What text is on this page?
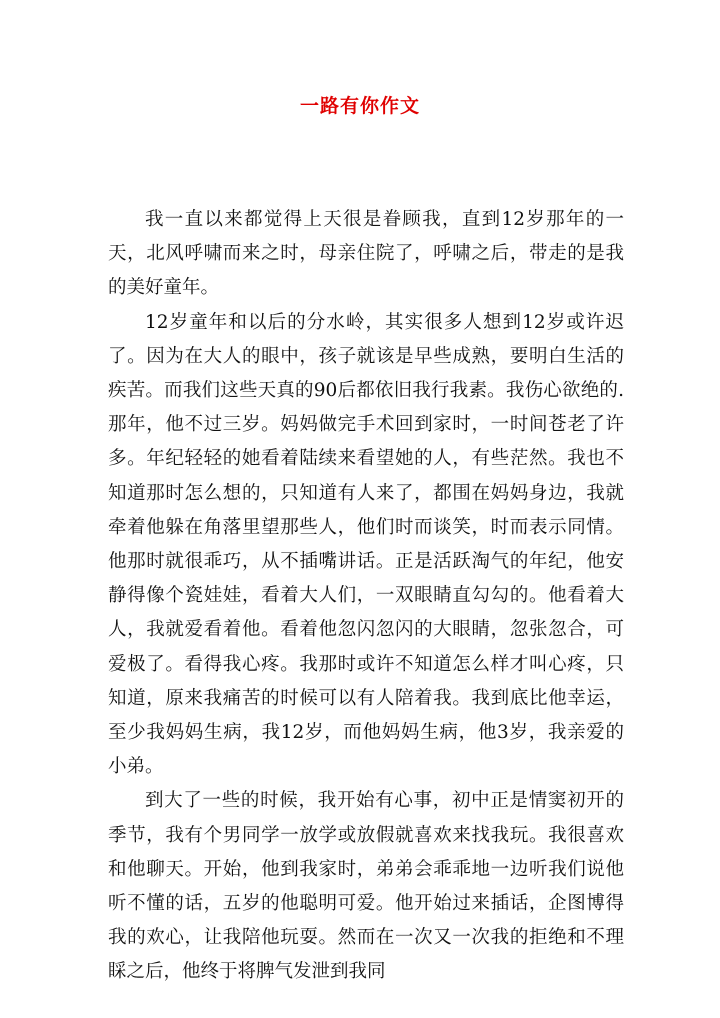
一路有你作文

我一直以来都觉得上天很是眷顾我，直到12岁那年的一天，北风呼啸而来之时，母亲住院了，呼啸之后，带走的是我的美好童年。

12岁童年和以后的分水岭，其实很多人想到12岁或许迟了。因为在大人的眼中，孩子就该是早些成熟，要明白生活的疾苦。而我们这些天真的90后都依旧我行我素。我伤心欲绝的.那年，他不过三岁。妈妈做完手术回到家时，一时间苍老了许多。年纪轻轻的她看着陆续来看望她的人，有些茫然。我也不知道那时怎么想的，只知道有人来了，都围在妈妈身边，我就牵着他躲在角落里望那些人，他们时而谈笑，时而表示同情。他那时就很乖巧，从不插嘴讲话。正是活跃淘气的年纪，他安静得像个瓷娃娃，看着大人们，一双眼睛直勾勾的。他看着大人，我就爱看着他。看着他忽闪忽闪的大眼睛，忽张忽合，可爱极了。看得我心疼。我那时或许不知道怎么样才叫心疼，只知道，原来我痛苦的时候可以有人陪着我。我到底比他幸运，至少我妈妈生病，我12岁，而他妈妈生病，他3岁，我亲爱的小弟。

到大了一些的时候，我开始有心事，初中正是情窦初开的季节，我有个男同学一放学或放假就喜欢来找我玩。我很喜欢和他聊天。开始，他到我家时，弟弟会乖乖地一边听我们说他听不懂的话，五岁的他聪明可爱。他开始过来插话，企图博得我的欢心，让我陪他玩耍。然而在一次又一次我的拒绝和不理睬之后，他终于将脾气发泄到我同
